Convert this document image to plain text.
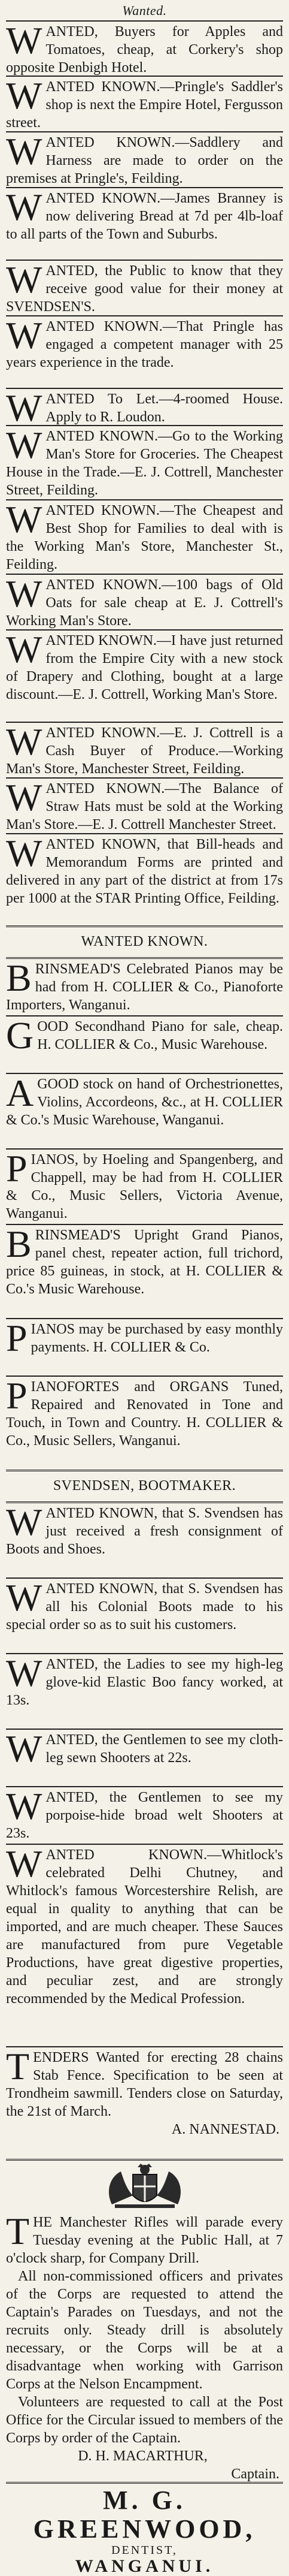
Wanted.

WANTED, Buyers for Apples and Tomatoes, cheap, at Corkery's shop opposite Denbigh Hotel.

WANTED KNOWN.—Pringle's Saddler's shop is next the Empire Hotel, Fergusson street.

WANTED KNOWN.—Saddlery and Harness are made to order on the premises at Pringle's, Feilding.

WANTED KNOWN.—James Branney is now delivering Bread at 7d per 4lb-loaf to all parts of the Town and Suburbs.

WANTED, the Public to know that they receive good value for their money at SVENDSEN'S.

WANTED KNOWN.—That Pringle has engaged a competent manager with 25 years experience in the trade.

WANTED To Let.—4-roomed House. Apply to R. Loudon.

WANTED KNOWN.—Go to the Working Man's Store for Groceries. The Cheapest House in the Trade.—E. J. Cottrell, Manchester Street, Feilding.

WANTED KNOWN.—The Cheapest and Best Shop for Families to deal with is the Working Man's Store, Manchester St., Feilding.

WANTED KNOWN.—100 bags of Old Oats for sale cheap at E. J. Cottrell's Working Man's Store.

WANTED KNOWN.—I have just returned from the Empire City with a new stock of Drapery and Clothing, bought at a large discount.—E. J. Cottrell, Working Man's Store.

WANTED KNOWN.—E. J. Cottrell is a Cash Buyer of Produce.—Working Man's Store, Manchester Street, Feilding.

WANTED KNOWN.—The Balance of Straw Hats must be sold at the Working Man's Store.—E. J. Cottrell Manchester Street.

WANTED KNOWN, that Bill-heads and Memorandum Forms are printed and delivered in any part of the district at from 17s per 1000 at the STAR Printing Office, Feilding.

WANTED KNOWN.

BRINSMEAD'S Celebrated Pianos may be had from H. COLLIER & Co., Pianoforte Importers, Wanganui.

GOOD Secondhand Piano for sale, cheap. H. COLLIER & Co., Music Warehouse.

AGOOD stock on hand of Orchestrionettes, Violins, Accordeons, &c., at H. COLLIER & Co.'s Music Warehouse, Wanganui.

PIANOS, by Hoeling and Spangenberg, and Chappell, may be had from H. COLLIER & Co., Music Sellers, Victoria Avenue, Wanganui.

BRINSMEAD'S Upright Grand Pianos, panel chest, repeater action, full trichord, price 85 guineas, in stock, at H. COLLIER & Co.'s Music Warehouse.

PIANOS may be purchased by easy monthly payments. H. COLLIER & Co.

PIANOFORTES and ORGANS Tuned, Repaired and Renovated in Tone and Touch, in Town and Country. H. COLLIER & Co., Music Sellers, Wanganui.

SVENDSEN, BOOTMAKER.

WANTED KNOWN, that S. Svendsen has just received a fresh consignment of Boots and Shoes.

WANTED KNOWN, that S. Svendsen has all his Colonial Boots made to his special order so as to suit his customers.

WANTED, the Ladies to see my high-leg glove-kid Elastic Boo fancy worked, at 13s.

WANTED, the Gentlemen to see my cloth-leg sewn Shooters at 22s.

WANTED, the Gentlemen to see my porpoise-hide broad welt Shooters at 23s.

WANTED KNOWN.—Whitlock's celebrated Delhi Chutney, and Whitlock's famous Worcestershire Relish, are equal in quality to anything that can be imported, and are much cheaper. These Sauces are manufactured from pure Vegetable Productions, have great digestive properties, and peculiar zest, and are strongly recommended by the Medical Profession.

TENDERS Wanted for erecting 28 chains Stab Fence. Specification to be seen at Trondheim sawmill. Tenders close on Saturday, the 21st of March.

A. NANNESTAD.

THE Manchester Rifles will parade every Tuesday evening at the Public Hall, at 7 o'clock sharp, for Company Drill.

All non-commissioned officers and privates of the Corps are requested to attend the Captain's Parades on Tuesdays, and not the recruits only. Steady drill is absolutely necessary, or the Corps will be at a disadvantage when working with Garrison Corps at the Nelson Encampment.

Volunteers are requested to call at the Post Office for the Circular issued to members of the Corps by order of the Captain.

D. H. MACARTHUR,
Captain.
M. G. GREENWOOD,
DENTIST,
WANGANUI.
